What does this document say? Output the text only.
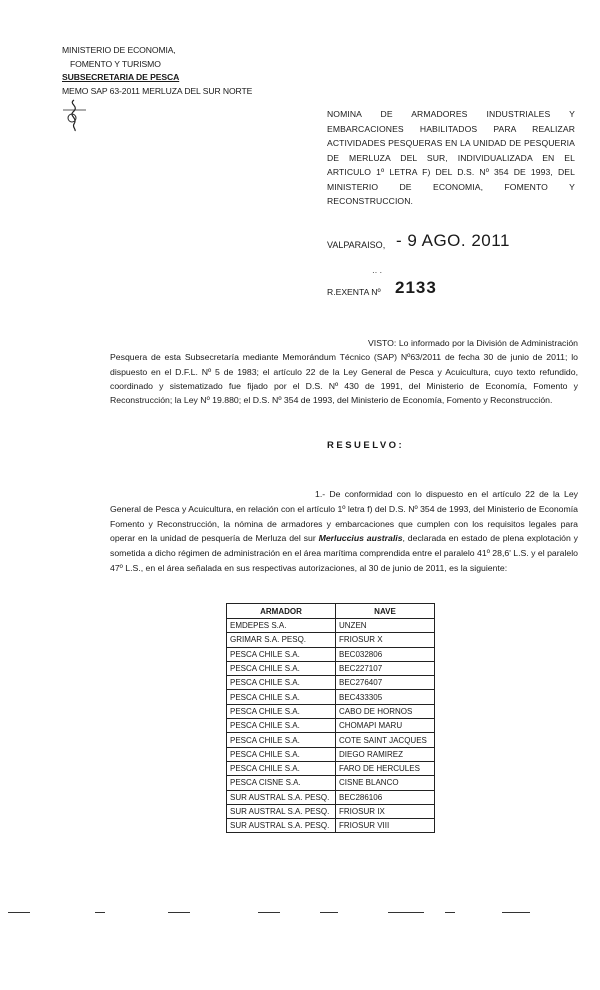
MINISTERIO DE ECONOMIA,
FOMENTO Y TURISMO
SUBSECRETARIA DE PESCA
MEMO SAP 63-2011 MERLUZA DEL SUR NORTE
NOMINA DE ARMADORES INDUSTRIALES Y EMBARCACIONES HABILITADOS PARA REALIZAR ACTIVIDADES PESQUERAS EN LA UNIDAD DE PESQUERIA DE MERLUZA DEL SUR, INDIVIDUALIZADA EN EL ARTICULO 1º LETRA F) DEL D.S. Nº 354 DE 1993, DEL MINISTERIO DE ECONOMIA, FOMENTO Y RECONSTRUCCION.
VALPARAISO, - 9 AGO. 2011
·· ·
R.EXENTA Nº 2133
VISTO: Lo informado por la División de Administración Pesquera de esta Subsecretaría mediante Memorándum Técnico (SAP) Nº63/2011 de fecha 30 de junio de 2011; lo dispuesto en el D.F.L. Nº 5 de 1983; el artículo 22 de la Ley General de Pesca y Acuicultura, cuyo texto refundido, coordinado y sistematizado fue fijado por el D.S. Nº 430 de 1991, del Ministerio de Economía, Fomento y Reconstrucción; la Ley Nº 19.880; el D.S. Nº 354 de 1993, del Ministerio de Economía, Fomento y Reconstrucción.
RESUELVO:
1.- De conformidad con lo dispuesto en el artículo 22 de la Ley General de Pesca y Acuicultura, en relación con el artículo 1º letra f) del D.S. Nº 354 de 1993, del Ministerio de Economía Fomento y Reconstrucción, la nómina de armadores y embarcaciones que cumplen con los requisitos legales para operar en la unidad de pesquería de Merluza del sur Merluccius australis, declarada en estado de plena explotación y sometida a dicho régimen de administración en el área marítima comprendida entre el paralelo 41º 28,6' L.S. y el paralelo 47º L.S., en el área señalada en sus respectivas autorizaciones, al 30 de junio de 2011, es la siguiente:
ARMADOR	NAVE
EMDEPES S.A.	UNZEN
GRIMAR S.A. PESQ.	FRIOSUR X
PESCA CHILE S.A.	BEC032806
PESCA CHILE S.A.	BEC227107
PESCA CHILE S.A.	BEC276407
PESCA CHILE S.A.	BEC433305
PESCA CHILE S.A.	CABO DE HORNOS
PESCA CHILE S.A.	CHOMAPI MARU
PESCA CHILE S.A.	COTE SAINT JACQUES
PESCA CHILE S.A.	DIEGO RAMIREZ
PESCA CHILE S.A.	FARO DE HERCULES
PESCA CISNE S.A.	CISNE BLANCO
SUR AUSTRAL S.A. PESQ.	BEC286106
SUR AUSTRAL S.A. PESQ.	FRIOSUR IX
SUR AUSTRAL S.A. PESQ.	FRIOSUR VIII
